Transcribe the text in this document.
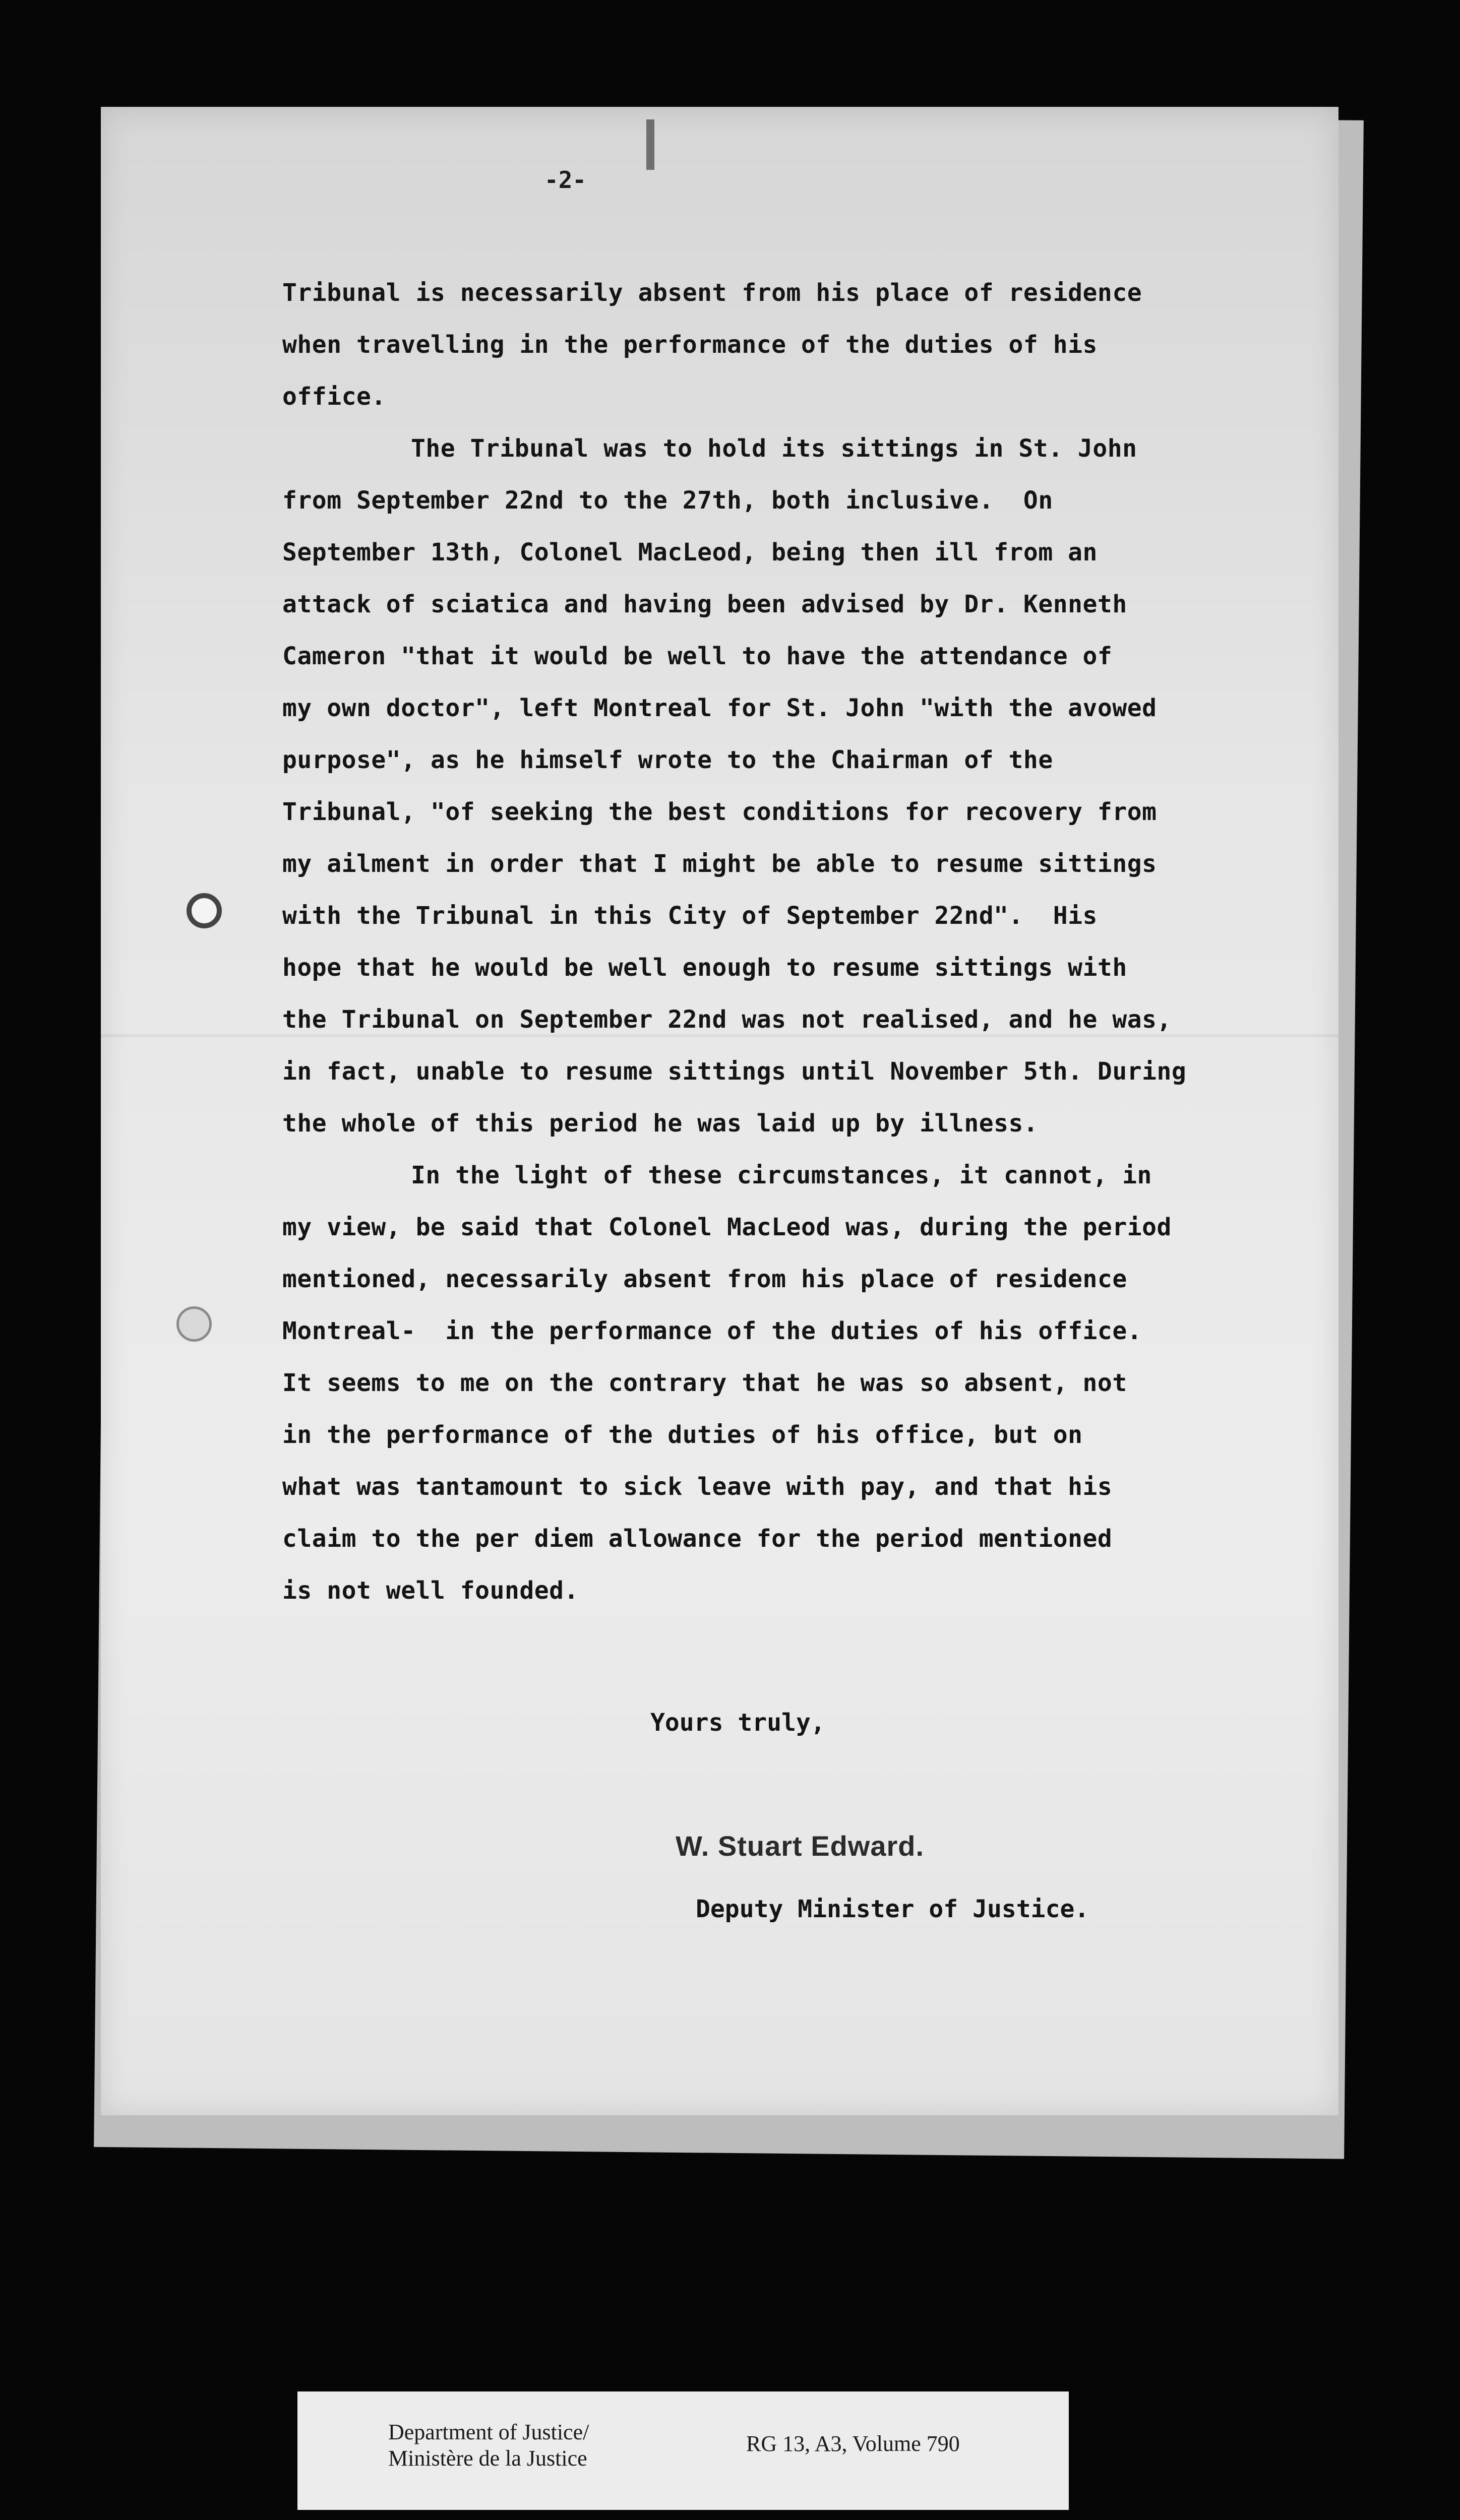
-2-
Tribunal is necessarily absent from his place of residence
when travelling in the performance of the duties of his
office.
The Tribunal was to hold its sittings in St. John
from September 22nd to the 27th, both inclusive.  On
September 13th, Colonel MacLeod, being then ill from an
attack of sciatica and having been advised by Dr. Kenneth
Cameron "that it would be well to have the attendance of
my own doctor", left Montreal for St. John "with the avowed
purpose", as he himself wrote to the Chairman of the
Tribunal, "of seeking the best conditions for recovery from
my ailment in order that I might be able to resume sittings
with the Tribunal in this City of September 22nd".  His
hope that he would be well enough to resume sittings with
the Tribunal on September 22nd was not realised, and he was,
in fact, unable to resume sittings until November 5th. During
the whole of this period he was laid up by illness.
In the light of these circumstances, it cannot, in
my view, be said that Colonel MacLeod was, during the period
mentioned, necessarily absent from his place of residence
Montreal-  in the performance of the duties of his office.
It seems to me on the contrary that he was so absent, not
in the performance of the duties of his office, but on
what was tantamount to sick leave with pay, and that his
claim to the per diem allowance for the period mentioned
is not well founded.
Yours truly,
W. Stuart Edward.
Deputy Minister of Justice.
Department of Justice/
Ministère de la Justice
RG 13, A3, Volume 790
